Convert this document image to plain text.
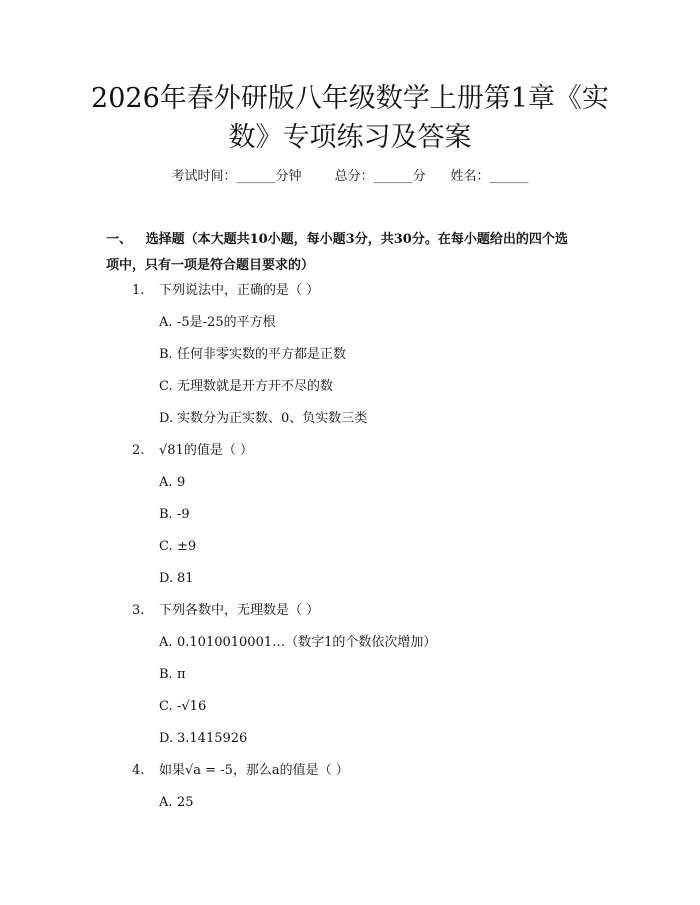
2026年春外研版八年级数学上册第1章《实
数》专项练习及答案
考试时间：______分钟	总分：______分 姓名：______
一、 选择题（本大题共10小题，每小题3分，共30分。在每小题给出的四个选
项中，只有一项是符合题目要求的）
1. 下列说法中，正确的是（ ）
A. -5是-25的平方根
B. 任何非零实数的平方都是正数
C. 无理数就是开方开不尽的数
D. 实数分为正实数、0、负实数三类
2. √81的值是（ ）
A. 9
B. -9
C. ±9
D. 81
3. 下列各数中，无理数是（ ）
A. 0.1010010001…（数字1的个数依次增加）
B. π
C. -√16
D. 3.1415926
4. 如果√a = -5，那么a的值是（ ）
A. 25
